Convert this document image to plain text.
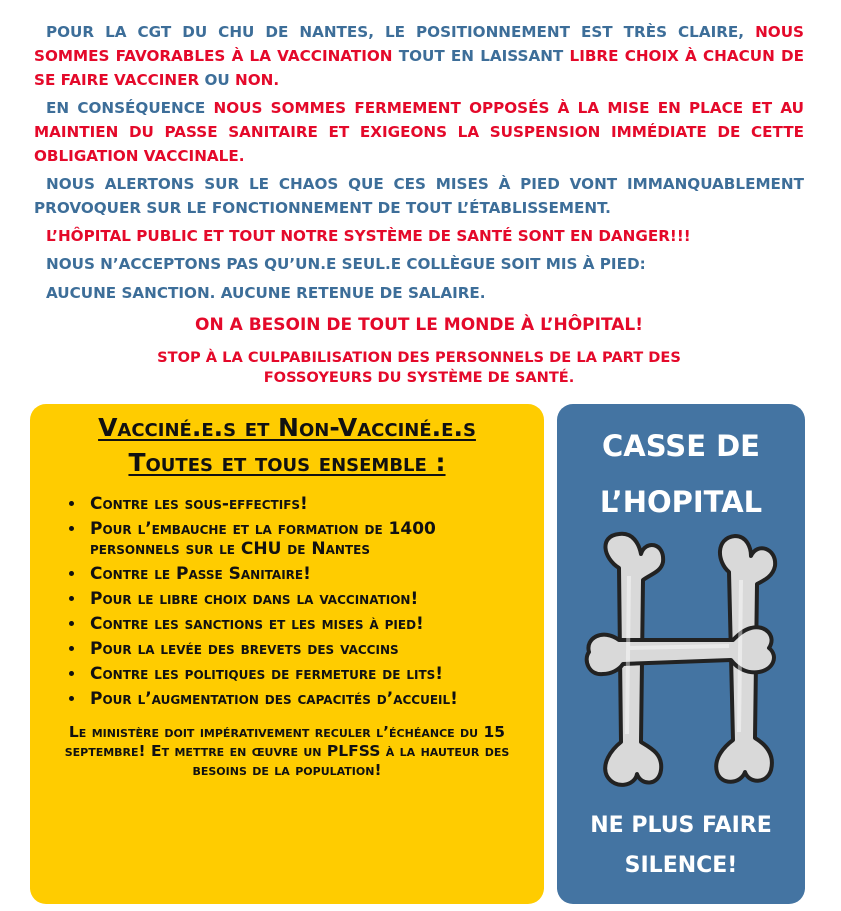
POUR LA CGT DU CHU DE NANTES, LE POSITIONNEMENT EST TRÈS CLAIRE, NOUS SOMMES FAVORABLES À LA VACCINATION TOUT EN LAISSANT LIBRE CHOIX À CHACUN DE SE FAIRE VACCINER OU NON.

EN CONSÉQUENCE NOUS SOMMES FERMEMENT OPPOSÉS À LA MISE EN PLACE ET AU MAINTIEN DU PASSE SANITAIRE ET EXIGEONS LA SUSPENSION IMMÉDIATE DE CETTE OBLIGATION VACCINALE.

NOUS ALERTONS SUR LE CHAOS QUE CES MISES À PIED VONT IMMANQUABLEMENT PROVOQUER SUR LE FONCTIONNEMENT DE TOUT L’ÉTABLISSEMENT.

L’HÔPITAL PUBLIC ET TOUT NOTRE SYSTÈME DE SANTÉ SONT EN DANGER!!!

NOUS N’ACCEPTONS PAS QU’UN.E SEUL.E COLLÈGUE SOIT MIS À PIED:

AUCUNE SANCTION. AUCUNE RETENUE DE SALAIRE.

ON A BESOIN DE TOUT LE MONDE À L’HÔPITAL!

STOP À LA CULPABILISATION DES PERSONNELS DE LA PART DES
FOSSOYEURS DU SYSTÈME DE SANTÉ.

Vacciné.e.s et Non-Vacciné.e.s

Toutes et tous ensemble :

• Contre les sous-effectifs!
• Pour l’embauche et la formation de 1400 personnels sur le CHU de Nantes
• Contre le Passe Sanitaire!
• Pour le libre choix dans la vaccination!
• Contre les sanctions et les mises à pied!
• Pour la levée des brevets des vaccins
• Contre les politiques de fermeture de lits!
• Pour l’augmentation des capacités d’accueil!

Le ministère doit impérativement reculer l’échéance du 15 septembre! Et mettre en œuvre un PLFSS à la hauteur des besoins de la population!

CASSE DE
L’HOPITAL
NE PLUS FAIRE
SILENCE!
